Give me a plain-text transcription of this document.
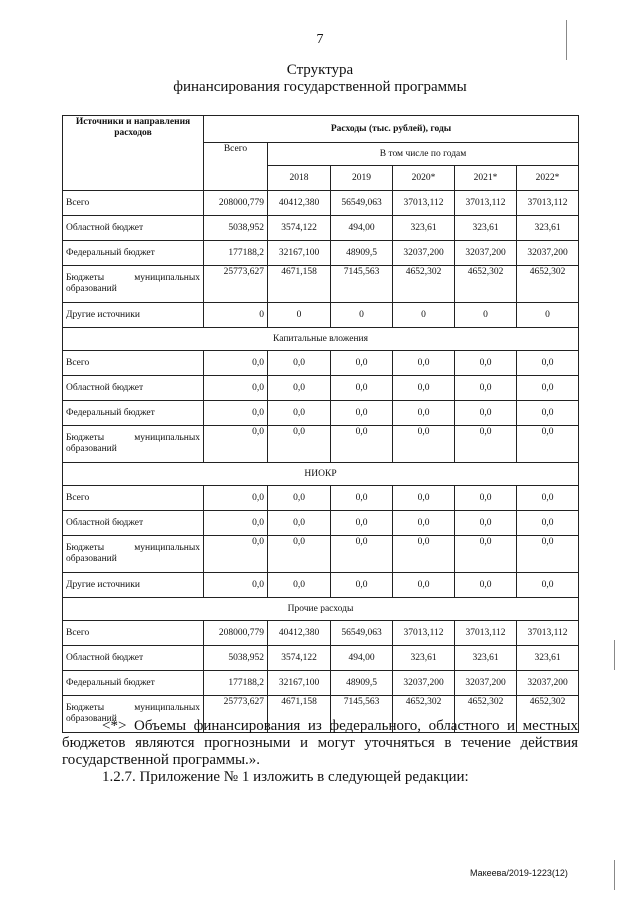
7
Структура
финансирования государственной программы
Источники и направления расходов	Расходы (тыс. рублей), годы					
	Всего	В том числе по годам				
		2018	2019	2020*	2021*	2022*
Всего	208000,779	40412,380	56549,063	37013,112	37013,112	37013,112
Областной бюджет	5038,952	3574,122	494,00	323,61	323,61	323,61
Федеральный бюджет	177188,2	32167,100	48909,5	32037,200	32037,200	32037,200
Бюджеты муниципальных образований	25773,627	4671,158	7145,563	4652,302	4652,302	4652,302
Другие источники	0	0	0	0	0	0
Капитальные вложения						
Всего	0,0	0,0	0,0	0,0	0,0	0,0
Областной бюджет	0,0	0,0	0,0	0,0	0,0	0,0
Федеральный бюджет	0,0	0,0	0,0	0,0	0,0	0,0
Бюджеты муниципальных образований	0,0	0,0	0,0	0,0	0,0	0,0
НИОКР						
Всего	0,0	0,0	0,0	0,0	0,0	0,0
Областной бюджет	0,0	0,0	0,0	0,0	0,0	0,0
Бюджеты муниципальных образований	0,0	0,0	0,0	0,0	0,0	0,0
Другие источники	0,0	0,0	0,0	0,0	0,0	0,0
Прочие расходы						
Всего	208000,779	40412,380	56549,063	37013,112	37013,112	37013,112
Областной бюджет	5038,952	3574,122	494,00	323,61	323,61	323,61
Федеральный бюджет	177188,2	32167,100	48909,5	32037,200	32037,200	32037,200
Бюджеты муниципальных образований	25773,627	4671,158	7145,563	4652,302	4652,302	4652,302

<*> Объемы финансирования из федерального, областного и местных бюджетов являются прогнозными и могут уточняться в течение действия государственной программы.».

1.2.7. Приложение № 1 изложить в следующей редакции:

Макеева/2019-1223(12)
